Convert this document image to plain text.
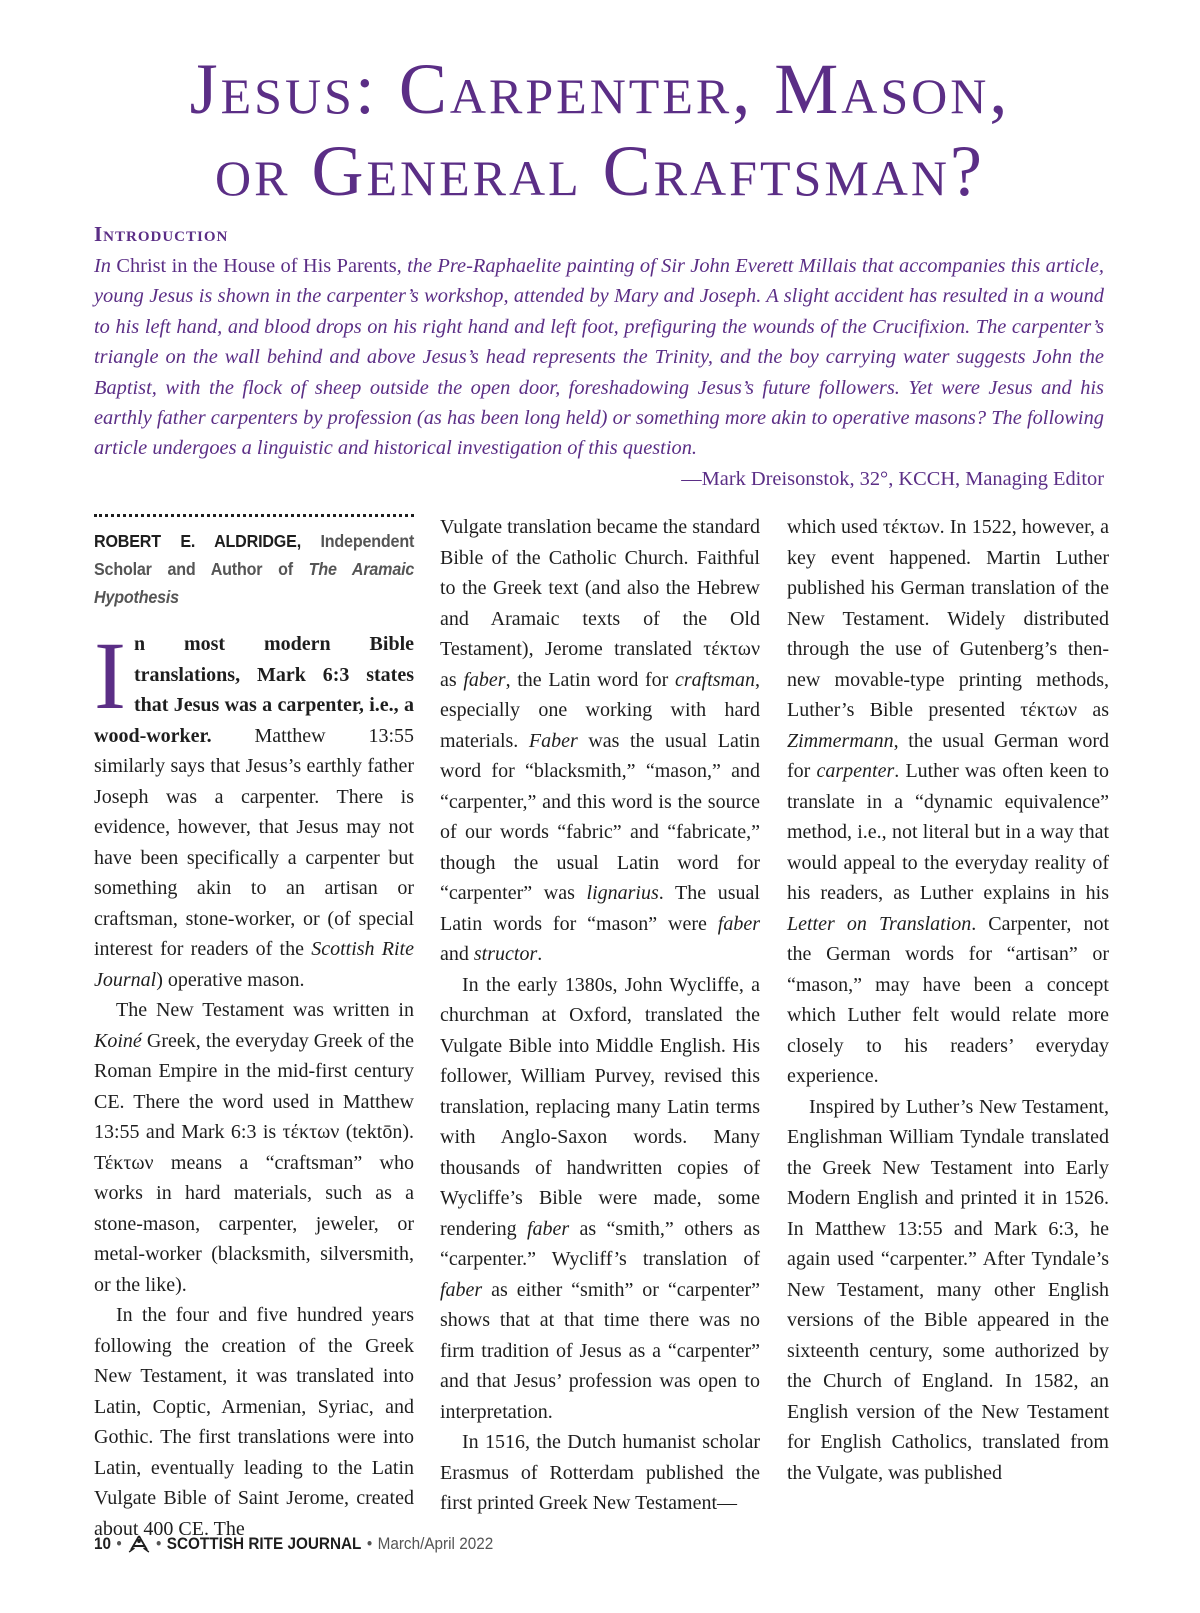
Jesus: Carpenter, Mason,
or General Craftsman?
Introduction

In Christ in the House of His Parents, the Pre-Raphaelite painting of Sir John Everett Millais that accompanies this article, young Jesus is shown in the carpenter’s workshop, attended by Mary and Joseph. A slight accident has resulted in a wound to his left hand, and blood drops on his right hand and left foot, prefiguring the wounds of the Crucifixion. The carpenter’s triangle on the wall behind and above Jesus’s head represents the Trinity, and the boy carrying water suggests John the Baptist, with the flock of sheep outside the open door, foreshadowing Jesus’s future followers. Yet were Jesus and his earthly father carpenters by profession (as has been long held) or something more akin to operative masons? The following article undergoes a linguistic and historical investigation of this question.

—Mark Dreisonstok, 32°, KCCH, Managing Editor

ROBERT E. ALDRIDGE, Independent Scholar and Author of The Aramaic Hypothesis

In most modern Bible translations, Mark 6:3 states that Jesus was a carpenter, i.e., a wood-worker. Matthew 13:55 similarly says that Jesus’s earthly father Joseph was a carpenter. There is evidence, however, that Jesus may not have been specifically a carpenter but something akin to an artisan or craftsman, stone-worker, or (of special interest for readers of the Scottish Rite Journal) operative mason.

The New Testament was written in Koiné Greek, the everyday Greek of the Roman Empire in the mid-first century CE. There the word used in Matthew 13:55 and Mark 6:3 is τέκτων (tektōn). Τέκτων means a “craftsman” who works in hard materials, such as a stone-mason, carpenter, jeweler, or metal-worker (blacksmith, silversmith, or the like).

In the four and five hundred years following the creation of the Greek New Testament, it was translated into Latin, Coptic, Armenian, Syriac, and Gothic. The first translations were into Latin, eventually leading to the Latin Vulgate Bible of Saint Jerome, created about 400 CE. The

Vulgate translation became the standard Bible of the Catholic Church. Faithful to the Greek text (and also the Hebrew and Aramaic texts of the Old Testament), Jerome translated τέκτων as faber, the Latin word for craftsman, especially one working with hard materials. Faber was the usual Latin word for “blacksmith,” “mason,” and “carpenter,” and this word is the source of our words “fabric” and “fabricate,” though the usual Latin word for “carpenter” was lignarius. The usual Latin words for “mason” were faber and structor.

In the early 1380s, John Wycliffe, a churchman at Oxford, translated the Vulgate Bible into Middle English. His follower, William Purvey, revised this translation, replacing many Latin terms with Anglo-Saxon words. Many thousands of handwritten copies of Wycliffe’s Bible were made, some rendering faber as “smith,” others as “carpenter.” Wycliff’s translation of faber as either “smith” or “carpenter” shows that at that time there was no firm tradition of Jesus as a “carpenter” and that Jesus’ profession was open to interpretation.

In 1516, the Dutch humanist scholar Erasmus of Rotterdam published the first printed Greek New Testament—

which used τέκτων. In 1522, however, a key event happened. Martin Luther published his German translation of the New Testament. Widely distributed through the use of Gutenberg’s then-new movable-type printing methods, Luther’s Bible presented τέκτων as Zimmermann, the usual German word for carpenter. Luther was often keen to translate in a “dynamic equivalence” method, i.e., not literal but in a way that would appeal to the everyday reality of his readers, as Luther explains in his Letter on Translation. Carpenter, not the German words for “artisan” or “mason,” may have been a concept which Luther felt would relate more closely to his readers’ everyday experience.

Inspired by Luther’s New Testament, Englishman William Tyndale translated the Greek New Testament into Early Modern English and printed it in 1526. In Matthew 13:55 and Mark 6:3, he again used “carpenter.” After Tyndale’s New Testament, many other English versions of the Bible appeared in the sixteenth century, some authorized by the Church of England. In 1582, an English version of the New Testament for English Catholics, translated from the Vulgate, was published

10 • • SCOTTISH RITE JOURNAL • March/April 2022
